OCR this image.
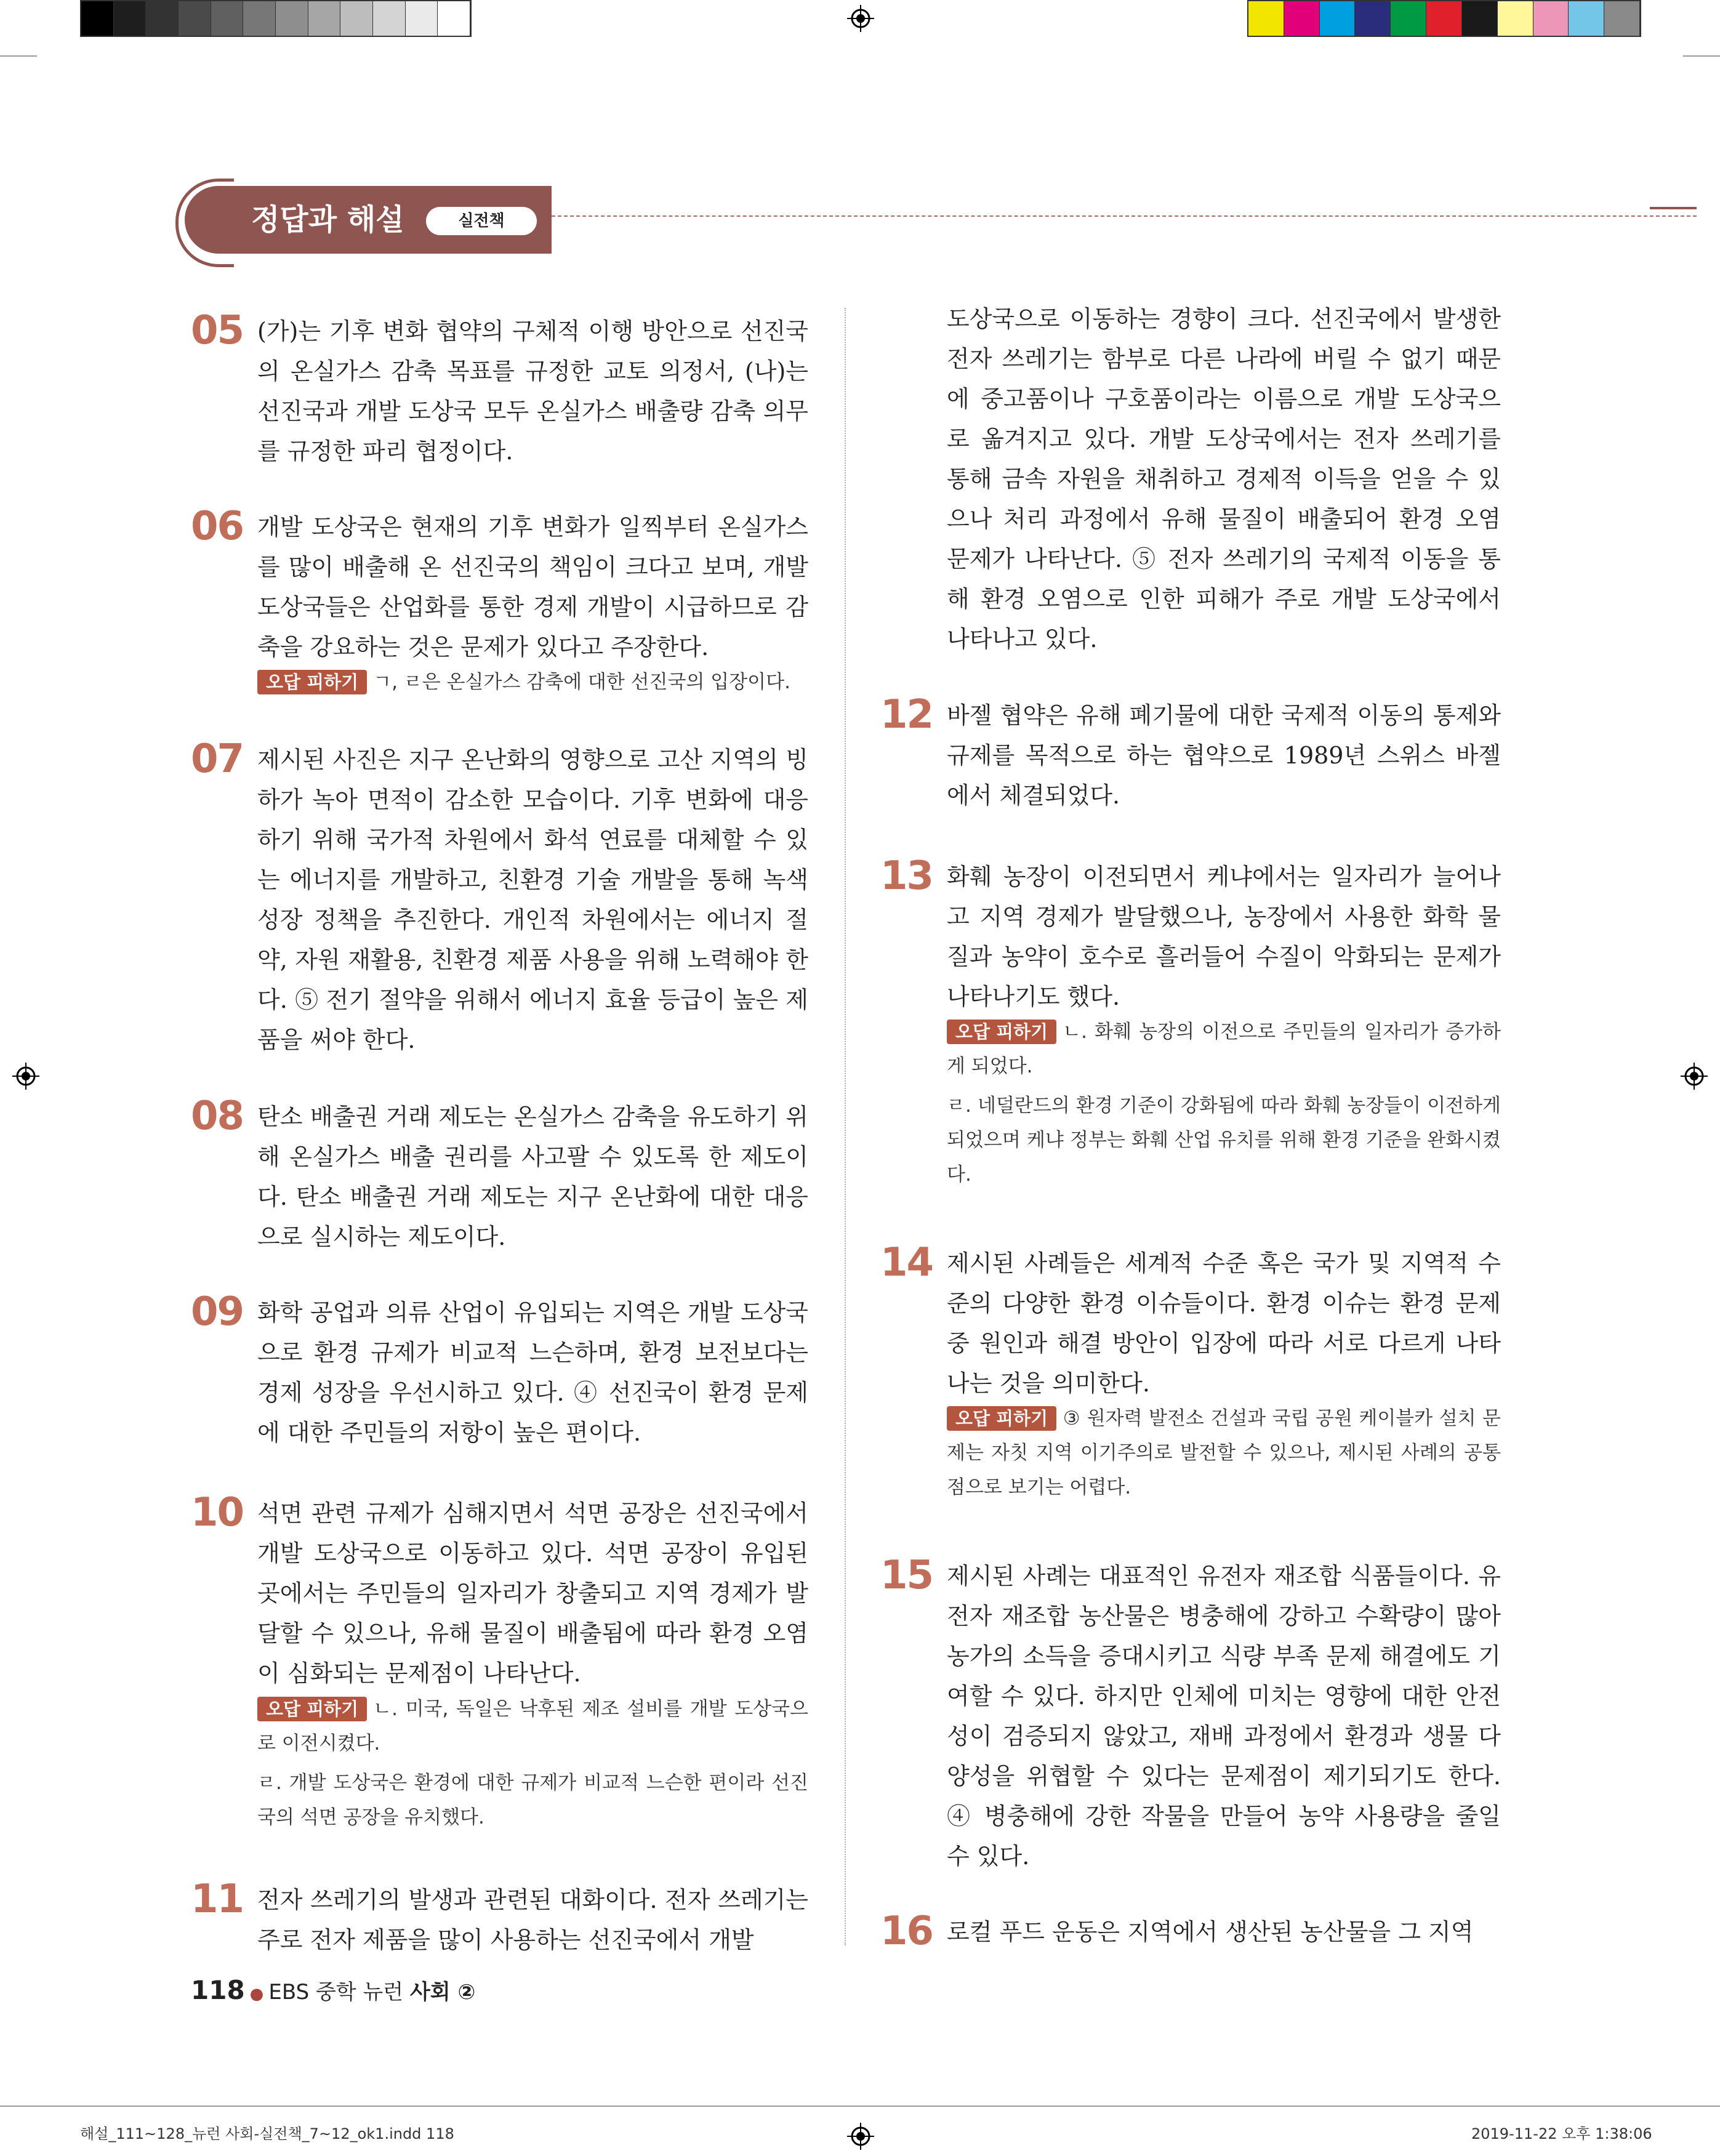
정답과 해설	실전책
05 (가)는 기후 변화 협약의 구체적 이행 방안으로 선진국의 온실가스 감축 목표를 규정한 교토 의정서, (나)는 선진국과 개발 도상국 모두 온실가스 배출량 감축 의무를 규정한 파리 협정이다.
06 개발 도상국은 현재의 기후 변화가 일찍부터 온실가스를 많이 배출해 온 선진국의 책임이 크다고 보며, 개발 도상국들은 산업화를 통한 경제 개발이 시급하므로 감축을 강요하는 것은 문제가 있다고 주장한다.
오답 피하기 ㄱ, ㄹ은 온실가스 감축에 대한 선진국의 입장이다.
07 제시된 사진은 지구 온난화의 영향으로 고산 지역의 빙하가 녹아 면적이 감소한 모습이다. 기후 변화에 대응하기 위해 국가적 차원에서 화석 연료를 대체할 수 있는 에너지를 개발하고, 친환경 기술 개발을 통해 녹색 성장 정책을 추진한다. 개인적 차원에서는 에너지 절약, 자원 재활용, 친환경 제품 사용을 위해 노력해야 한다. ⑤ 전기 절약을 위해서 에너지 효율 등급이 높은 제품을 써야 한다.
08 탄소 배출권 거래 제도는 온실가스 감축을 유도하기 위해 온실가스 배출 권리를 사고팔 수 있도록 한 제도이다. 탄소 배출권 거래 제도는 지구 온난화에 대한 대응으로 실시하는 제도이다.
09 화학 공업과 의류 산업이 유입되는 지역은 개발 도상국으로 환경 규제가 비교적 느슨하며, 환경 보전보다는 경제 성장을 우선시하고 있다. ④ 선진국이 환경 문제에 대한 주민들의 저항이 높은 편이다.
10 석면 관련 규제가 심해지면서 석면 공장은 선진국에서 개발 도상국으로 이동하고 있다. 석면 공장이 유입된 곳에서는 주민들의 일자리가 창출되고 지역 경제가 발달할 수 있으나, 유해 물질이 배출됨에 따라 환경 오염이 심화되는 문제점이 나타난다.
오답 피하기 ㄴ. 미국, 독일은 낙후된 제조 설비를 개발 도상국으로 이전시켰다.
ㄹ. 개발 도상국은 환경에 대한 규제가 비교적 느슨한 편이라 선진국의 석면 공장을 유치했다.
11 전자 쓰레기의 발생과 관련된 대화이다. 전자 쓰레기는 주로 전자 제품을 많이 사용하는 선진국에서 개발
도상국으로 이동하는 경향이 크다. 선진국에서 발생한 전자 쓰레기는 함부로 다른 나라에 버릴 수 없기 때문에 중고품이나 구호품이라는 이름으로 개발 도상국으로 옮겨지고 있다. 개발 도상국에서는 전자 쓰레기를 통해 금속 자원을 채취하고 경제적 이득을 얻을 수 있으나 처리 과정에서 유해 물질이 배출되어 환경 오염 문제가 나타난다. ⑤ 전자 쓰레기의 국제적 이동을 통해 환경 오염으로 인한 피해가 주로 개발 도상국에서 나타나고 있다.
12 바젤 협약은 유해 폐기물에 대한 국제적 이동의 통제와 규제를 목적으로 하는 협약으로 1989년 스위스 바젤에서 체결되었다.
13 화훼 농장이 이전되면서 케냐에서는 일자리가 늘어나고 지역 경제가 발달했으나, 농장에서 사용한 화학 물질과 농약이 호수로 흘러들어 수질이 악화되는 문제가 나타나기도 했다.
오답 피하기 ㄴ. 화훼 농장의 이전으로 주민들의 일자리가 증가하게 되었다.
ㄹ. 네덜란드의 환경 기준이 강화됨에 따라 화훼 농장들이 이전하게 되었으며 케냐 정부는 화훼 산업 유치를 위해 환경 기준을 완화시켰다.
14 제시된 사례들은 세계적 수준 혹은 국가 및 지역적 수준의 다양한 환경 이슈들이다. 환경 이슈는 환경 문제 중 원인과 해결 방안이 입장에 따라 서로 다르게 나타나는 것을 의미한다.
오답 피하기 ③ 원자력 발전소 건설과 국립 공원 케이블카 설치 문제는 자칫 지역 이기주의로 발전할 수 있으나, 제시된 사례의 공통점으로 보기는 어렵다.
15 제시된 사례는 대표적인 유전자 재조합 식품들이다. 유전자 재조합 농산물은 병충해에 강하고 수확량이 많아 농가의 소득을 증대시키고 식량 부족 문제 해결에도 기여할 수 있다. 하지만 인체에 미치는 영향에 대한 안전성이 검증되지 않았고, 재배 과정에서 환경과 생물 다양성을 위협할 수 있다는 문제점이 제기되기도 한다. ④ 병충해에 강한 작물을 만들어 농약 사용량을 줄일 수 있다.
16 로컬 푸드 운동은 지역에서 생산된 농산물을 그 지역
118 ● EBS 중학 뉴런 사회 ②
해설_111~128_뉴런 사회-실전책_7~12_ok1.indd 118	2019-11-22 오후 1:38:06
